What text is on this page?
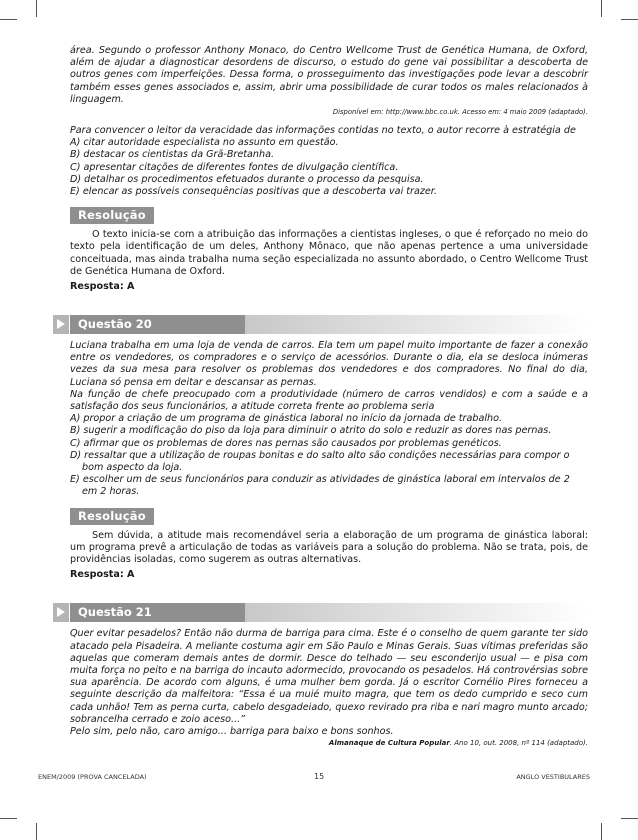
área. Segundo o professor Anthony Monaco, do Centro Wellcome Trust de Genética Humana, de Oxford, além de ajudar a diagnosticar desordens de discurso, o estudo do gene vai possibilitar a descoberta de outros genes com imperfeições. Dessa forma, o prosseguimento das investigações pode levar a descobrir também esses genes associados e, assim, abrir uma possibilidade de curar todos os males relacionados à linguagem.

Disponível em: http://www.bbc.co.uk. Acesso em: 4 maio 2009 (adaptado).

Para convencer o leitor da veracidade das informações contidas no texto, o autor recorre à estratégia de

A) citar autoridade especialista no assunto em questão.

B) destacar os cientistas da Grã-Bretanha.

C) apresentar citações de diferentes fontes de divulgação científica.

D) detalhar os procedimentos efetuados durante o processo da pesquisa.

E) elencar as possíveis consequências positivas que a descoberta vai trazer.

Resolução

O texto inicia-se com a atribuição das informações a cientistas ingleses, o que é reforçado no meio do texto pela identificação de um deles, Anthony Mônaco, que não apenas pertence a uma universidade conceituada, mas ainda trabalha numa seção especializada no assunto abordado, o Centro Wellcome Trust de Genética Humana de Oxford.

Resposta: A

Questão 20

Luciana trabalha em uma loja de venda de carros. Ela tem um papel muito importante de fazer a conexão entre os vendedores, os compradores e o serviço de acessórios. Durante o dia, ela se desloca inúmeras vezes da sua mesa para resolver os problemas dos vendedores e dos compradores. No final do dia, Luciana só pensa em deitar e descansar as pernas.

Na função de chefe preocupado com a produtividade (número de carros vendidos) e com a saúde e a satisfação dos seus funcionários, a atitude correta frente ao problema seria

A) propor a criação de um programa de ginástica laboral no início da jornada de trabalho.

B) sugerir a modificação do piso da loja para diminuir o atrito do solo e reduzir as dores nas pernas.

C) afirmar que os problemas de dores nas pernas são causados por problemas genéticos.

D) ressaltar que a utilização de roupas bonitas e do salto alto são condições necessárias para compor o bom aspecto da loja.

E) escolher um de seus funcionários para conduzir as atividades de ginástica laboral em intervalos de 2 em 2 horas.

Resolução

Sem dúvida, a atitude mais recomendável seria a elaboração de um programa de ginástica laboral: um programa prevê a articulação de todas as variáveis para a solução do problema. Não se trata, pois, de providências isoladas, como sugerem as outras alternativas.

Resposta: A

Questão 21

Quer evitar pesadelos? Então não durma de barriga para cima. Este é o conselho de quem garante ter sido atacado pela Pisadeira. A meliante costuma agir em São Paulo e Minas Gerais. Suas vítimas preferidas são aquelas que comeram demais antes de dormir. Desce do telhado — seu esconderijo usual — e pisa com muita força no peito e na barriga do incauto adormecido, provocando os pesadelos. Há controvérsias sobre sua aparência. De acordo com alguns, é uma mulher bem gorda. Já o escritor Cornélio Pires forneceu a seguinte descrição da malfeitora: “Essa é ua muié muito magra, que tem os dedo cumprido e seco cum cada unhão! Tem as perna curta, cabelo desgadeiado, quexo revirado pra riba e nari magro munto arcado; sobrancelha cerrado e zoio aceso...”

Pelo sim, pelo não, caro amigo... barriga para baixo e bons sonhos.

Almanaque de Cultura Popular. Ano 10, out. 2008, nº 114 (adaptado).

ENEM/2009 (PROVA CANCELADA)	15	ANGLO VESTIBULARES
